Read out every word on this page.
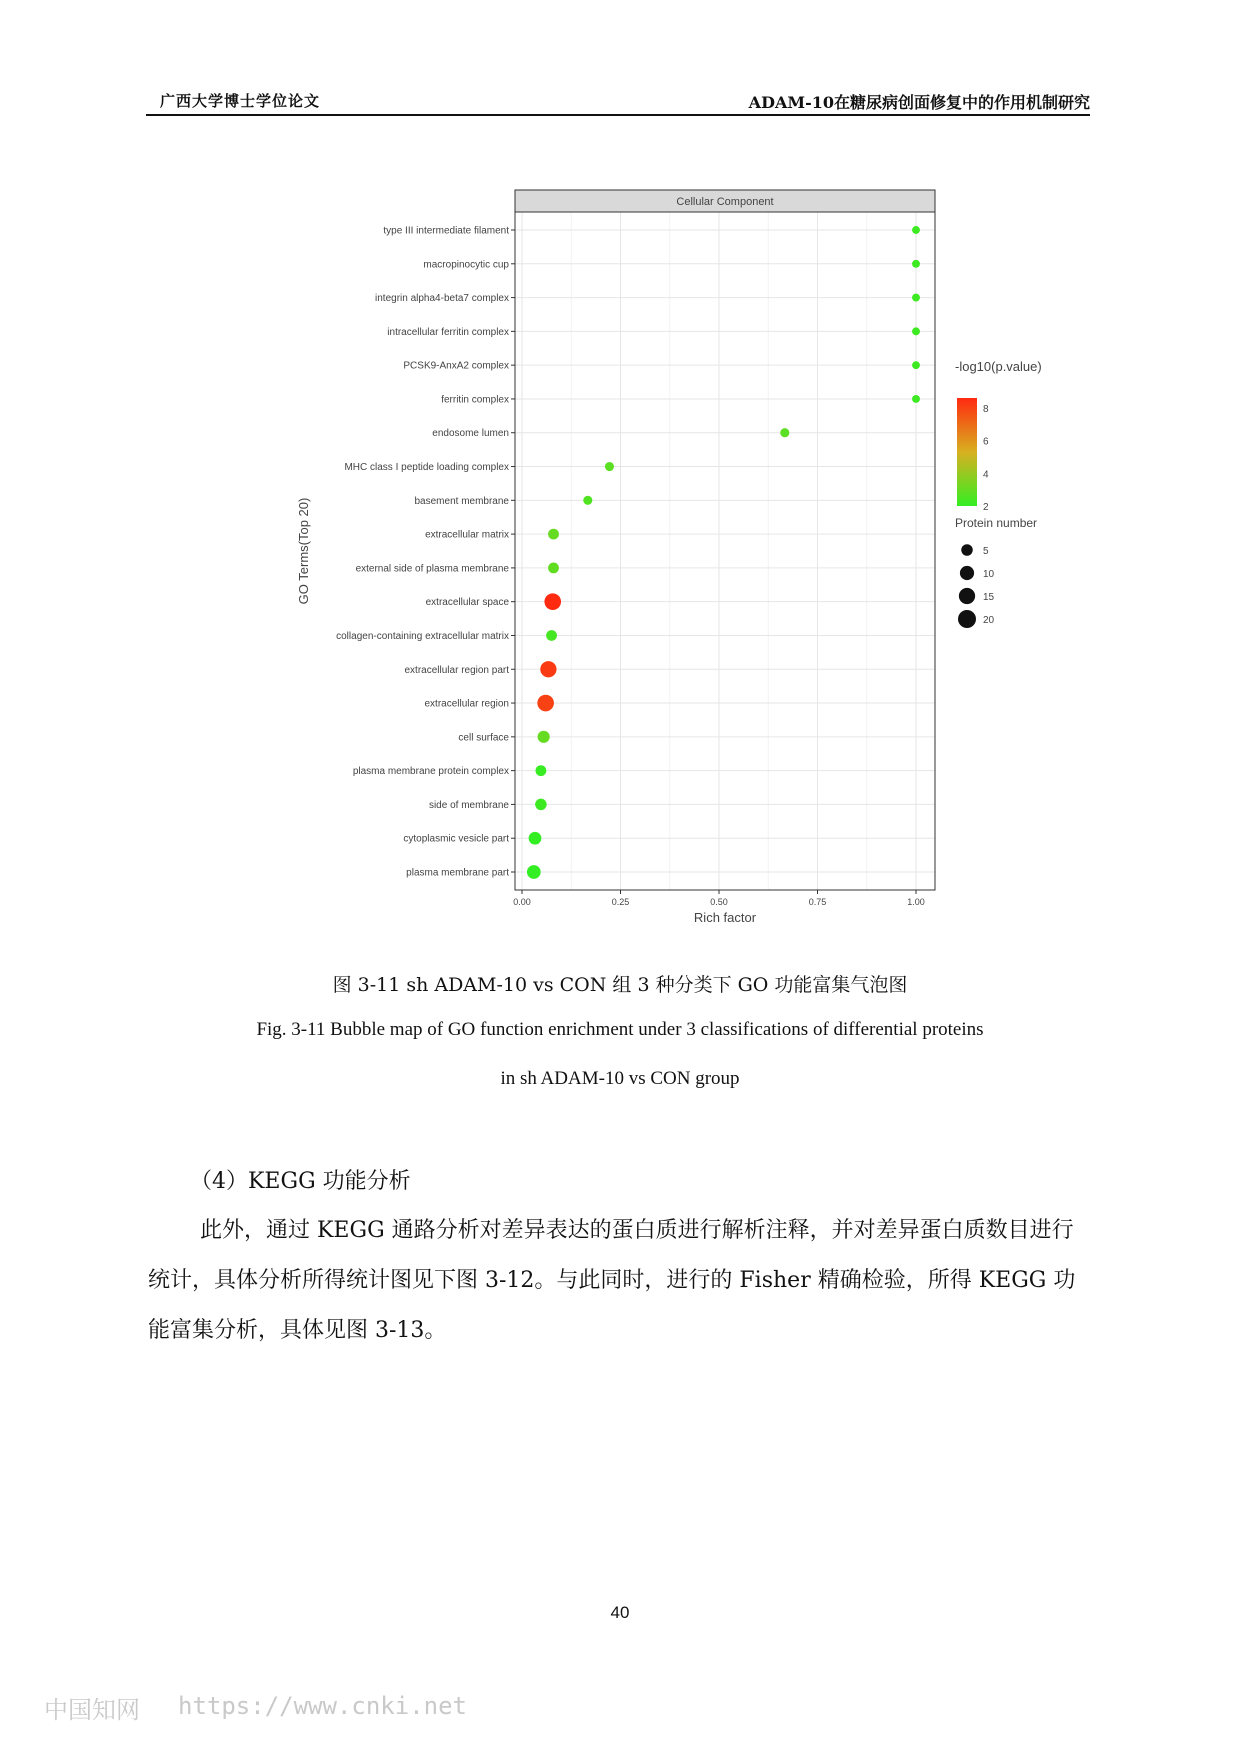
广西大学博士学位论文	ADAM-10在糖尿病创面修复中的作用机制研究
Cellular Component
type III intermediate filament
macropinocytic cup
integrin alpha4-beta7 complex
intracellular ferritin complex
PCSK9-AnxA2 complex
ferritin complex
endosome lumen
MHC class I peptide loading complex
basement membrane
extracellular matrix
external side of plasma membrane
extracellular space
collagen-containing extracellular matrix
extracellular region part
extracellular region
cell surface
plasma membrane protein complex
side of membrane
cytoplasmic vesicle part
plasma membrane part
0.00	0.25	0.50	0.75	1.00
Rich factor
GO Terms(Top 20)
-log10(p.value)
8
6
4
2
Protein number
5
10
15
20
图 3-11 sh ADAM-10 vs CON 组 3 种分类下 GO 功能富集气泡图
Fig. 3-11 Bubble map of GO function enrichment under 3 classifications of differential proteins
in sh ADAM-10 vs CON group
（4）KEGG 功能分析
此外，通过 KEGG 通路分析对差异表达的蛋白质进行解析注释，并对差异蛋白质数目进行统计，具体分析所得统计图见下图 3-12。与此同时，进行的 Fisher 精确检验，所得 KEGG 功能富集分析，具体见图 3-13。
40
中国知网 https://www.cnki.net
